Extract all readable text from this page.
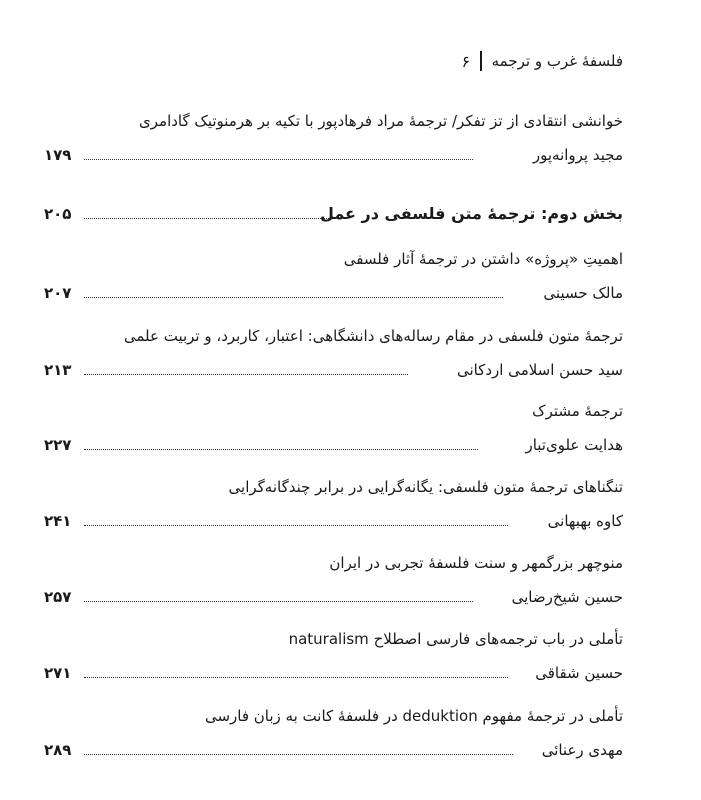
۶ فلسفهٔ غرب و ترجمه
خوانشی انتقادی از تز تفکر/ ترجمهٔ مراد فرهادپور با تکیه بر هرمنوتیک گادامری
۱۷۹	مجید پروانه‌پور
۲۰۵	بخش دوم: ترجمهٔ متن فلسفی در عمل
اهمیتِ «پروژه» داشتن در ترجمهٔ آثار فلسفی
۲۰۷	مالک حسینی
ترجمهٔ متون فلسفی در مقام رساله‌های دانشگاهی: اعتبار، کاربرد، و تربیت علمی
۲۱۳	سید حسن اسلامی اردکانی
ترجمهٔ مشترک
۲۲۷	هدایت علوی‌تبار
تنگناهای ترجمهٔ متون فلسفی: یگانه‌گرایی در برابر چندگانه‌گرایی
۲۴۱	کاوه بهبهانی
منوچهر بزرگمهر و سنت فلسفهٔ تجربی در ایران
۲۵۷	حسین شیخ‌رضایی
تأملی در باب ترجمه‌های فارسی اصطلاح naturalism
۲۷۱	حسین شقاقی
تأملی در ترجمهٔ مفهوم deduktion در فلسفهٔ کانت به زبان فارسی
۲۸۹	مهدی رعنائی
